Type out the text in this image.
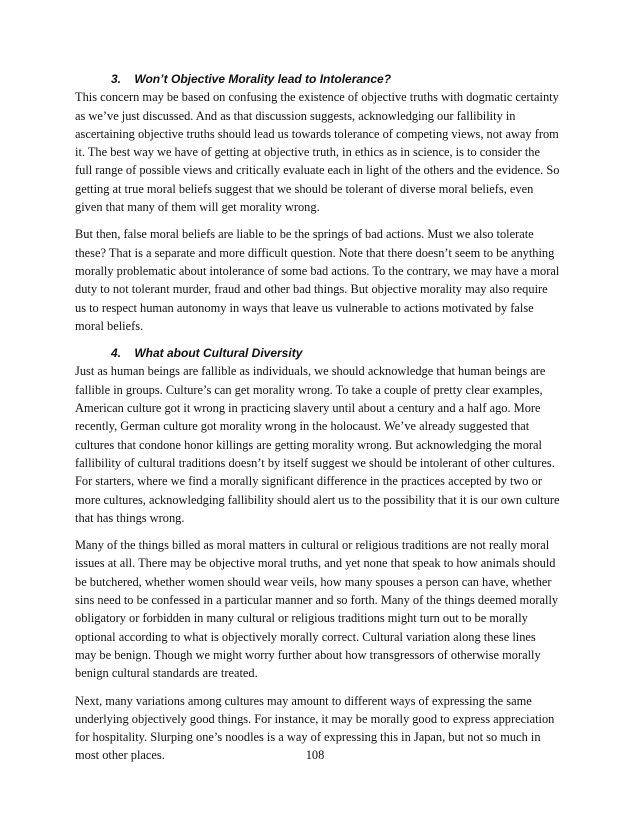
3. Won’t Objective Morality lead to Intolerance?

This concern may be based on confusing the existence of objective truths with dogmatic certainty as we’ve just discussed. And as that discussion suggests, acknowledging our fallibility in ascertaining objective truths should lead us towards tolerance of competing views, not away from it. The best way we have of getting at objective truth, in ethics as in science, is to consider the full range of possible views and critically evaluate each in light of the others and the evidence. So getting at true moral beliefs suggest that we should be tolerant of diverse moral beliefs, even given that many of them will get morality wrong.

But then, false moral beliefs are liable to be the springs of bad actions. Must we also tolerate these? That is a separate and more difficult question. Note that there doesn’t seem to be anything morally problematic about intolerance of some bad actions. To the contrary, we may have a moral duty to not tolerant murder, fraud and other bad things. But objective morality may also require us to respect human autonomy in ways that leave us vulnerable to actions motivated by false moral beliefs.

4. What about Cultural Diversity

Just as human beings are fallible as individuals, we should acknowledge that human beings are fallible in groups. Culture’s can get morality wrong. To take a couple of pretty clear examples, American culture got it wrong in practicing slavery until about a century and a half ago. More recently, German culture got morality wrong in the holocaust. We’ve already suggested that cultures that condone honor killings are getting morality wrong. But acknowledging the moral fallibility of cultural traditions doesn’t by itself suggest we should be intolerant of other cultures. For starters, where we find a morally significant difference in the practices accepted by two or more cultures, acknowledging fallibility should alert us to the possibility that it is our own culture that has things wrong.

Many of the things billed as moral matters in cultural or religious traditions are not really moral issues at all. There may be objective moral truths, and yet none that speak to how animals should be butchered, whether women should wear veils, how many spouses a person can have, whether sins need to be confessed in a particular manner and so forth. Many of the things deemed morally obligatory or forbidden in many cultural or religious traditions might turn out to be morally optional according to what is objectively morally correct. Cultural variation along these lines may be benign. Though we might worry further about how transgressors of otherwise morally benign cultural standards are treated.

Next, many variations among cultures may amount to different ways of expressing the same underlying objectively good things. For instance, it may be morally good to express appreciation for hospitality. Slurping one’s noodles is a way of expressing this in Japan, but not so much in most other places.	108
